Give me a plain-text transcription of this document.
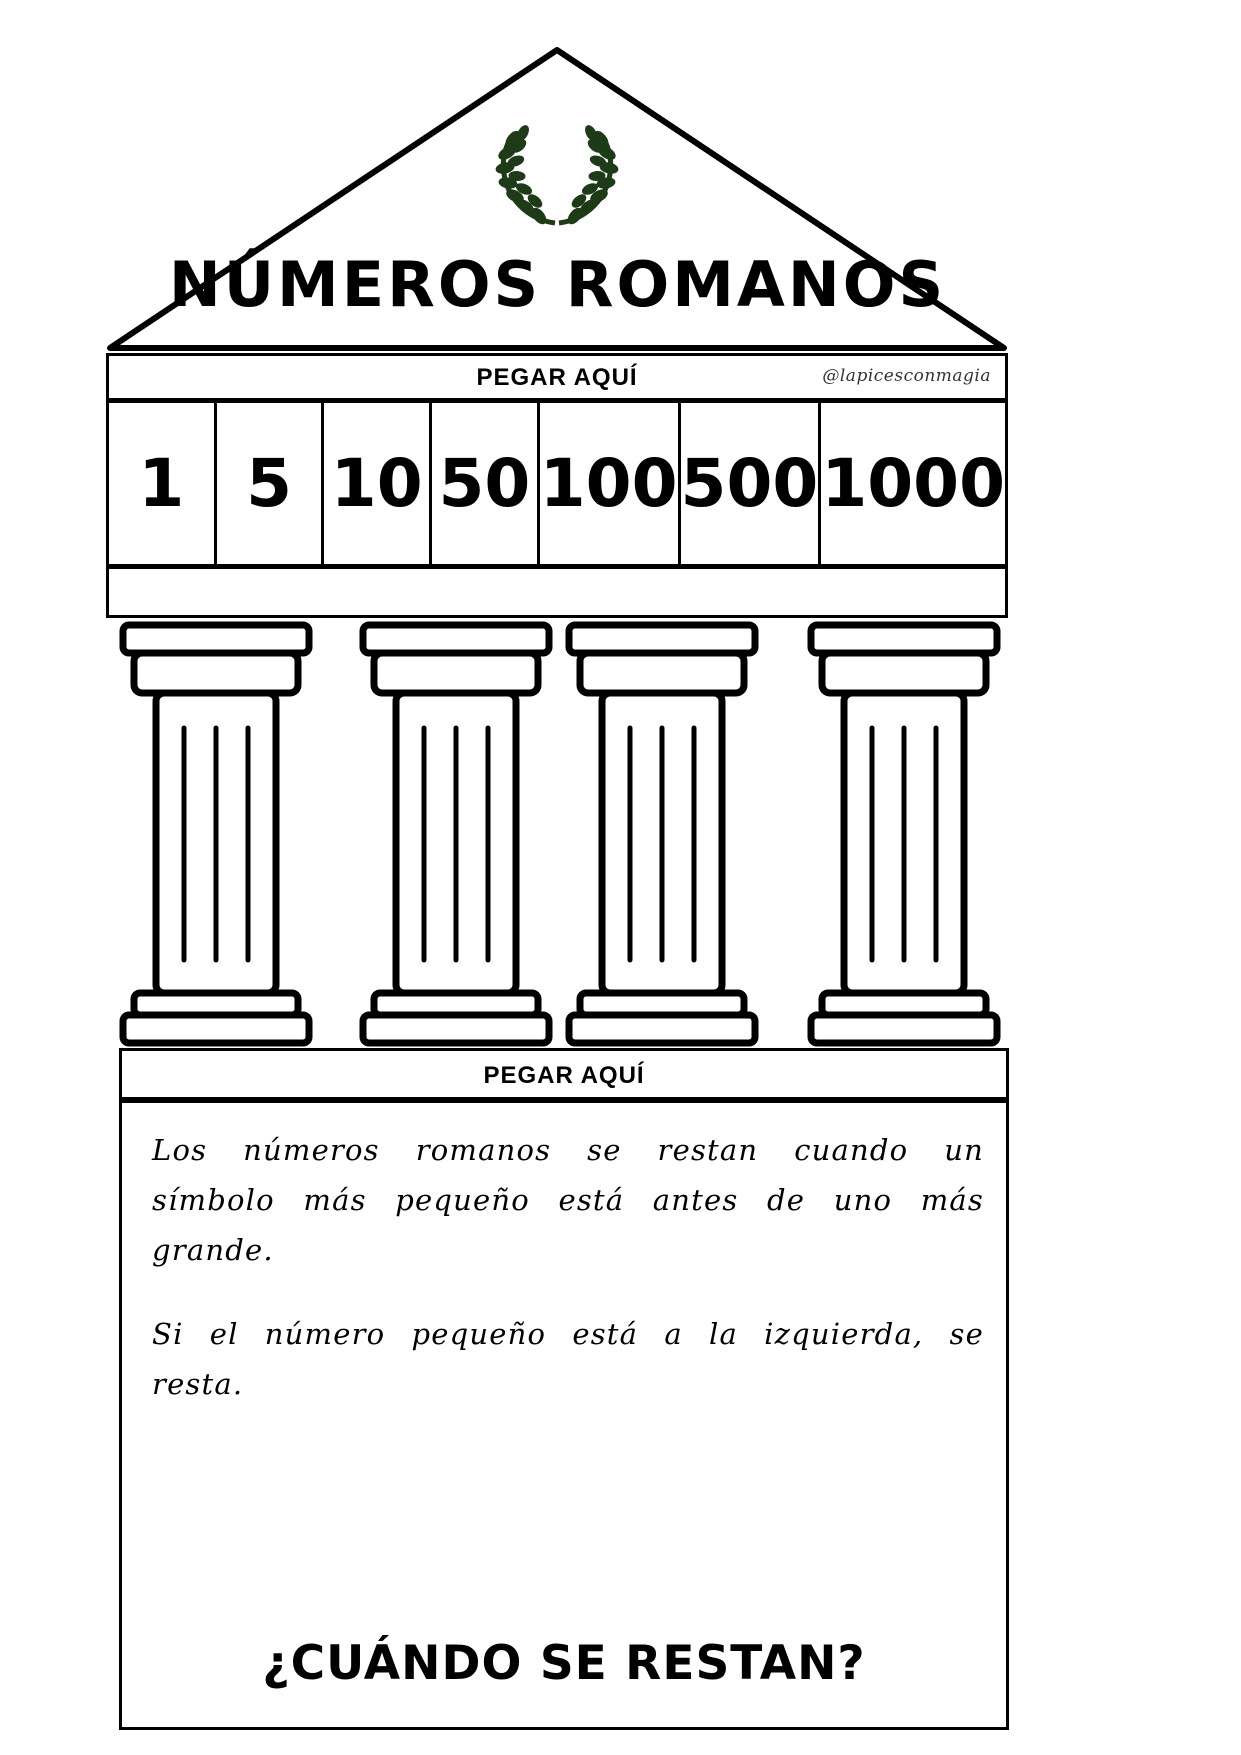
NÚMEROS ROMANOS
PEGAR AQUÍ	@lapicesconmagia
1 5 10 50 100 500 1000
PEGAR AQUÍ

Los números romanos se restan cuando un símbolo más pequeño está antes de uno más grande.

Si el número pequeño está a la izquierda, se resta.

¿CUÁNDO SE RESTAN?
